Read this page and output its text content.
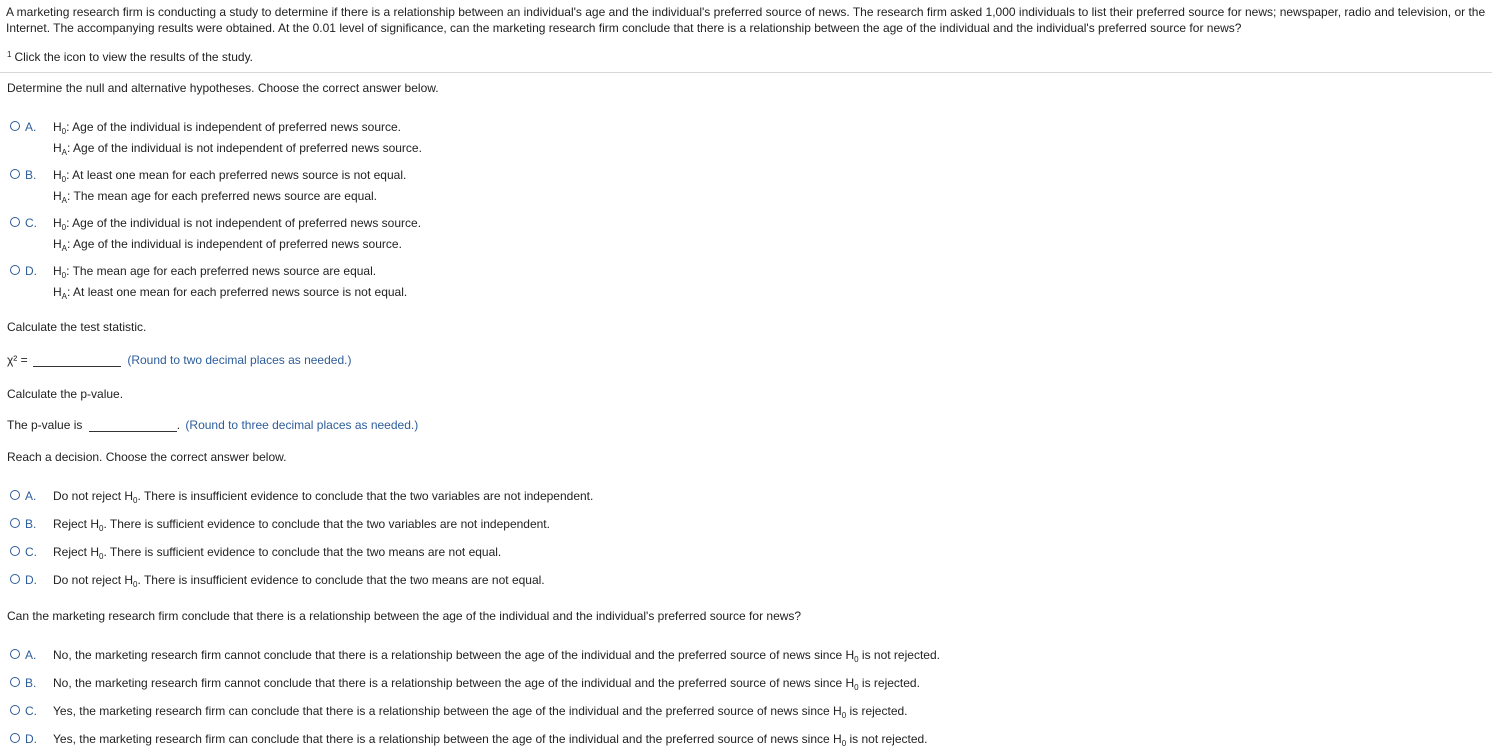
A marketing research firm is conducting a study to determine if there is a relationship between an individual's age and the individual's preferred source of news. The research firm asked 1,000 individuals to list their preferred source for news; newspaper, radio and television, or the Internet. The accompanying results were obtained. At the 0.01 level of significance, can the marketing research firm conclude that there is a relationship between the age of the individual and the individual's preferred source for news?
$^1$ Click the icon to view the results of the study.
Determine the null and alternative hypotheses. Choose the correct answer below.
A.	$H_0$: Age of the individual is independent of preferred news source.
$H_A$: Age of the individual is not independent of preferred news source.
B.	$H_0$: At least one mean for each preferred news source is not equal.
$H_A$: The mean age for each preferred news source are equal.
C.	$H_0$: Age of the individual is not independent of preferred news source.
$H_A$: Age of the individual is independent of preferred news source.
D.	$H_0$: The mean age for each preferred news source are equal.
$H_A$: At least one mean for each preferred news source is not equal.
Calculate the test statistic.
χ² =	(Round to two decimal places as needed.)
Calculate the p-value.
The p-value is	. (Round to three decimal places as needed.)
Reach a decision. Choose the correct answer below.
A.	Do not reject $H_0$. There is insufficient evidence to conclude that the two variables are not independent.
B.	Reject $H_0$. There is sufficient evidence to conclude that the two variables are not independent.
C.	Reject $H_0$. There is sufficient evidence to conclude that the two means are not equal.
D.	Do not reject $H_0$. There is insufficient evidence to conclude that the two means are not equal.
Can the marketing research firm conclude that there is a relationship between the age of the individual and the individual's preferred source for news?
A.	No, the marketing research firm cannot conclude that there is a relationship between the age of the individual and the preferred source of news since $H_0$ is not rejected.
B.	No, the marketing research firm cannot conclude that there is a relationship between the age of the individual and the preferred source of news since $H_0$ is rejected.
C.	Yes, the marketing research firm can conclude that there is a relationship between the age of the individual and the preferred source of news since $H_0$ is rejected.
D.	Yes, the marketing research firm can conclude that there is a relationship between the age of the individual and the preferred source of news since $H_0$ is not rejected.
